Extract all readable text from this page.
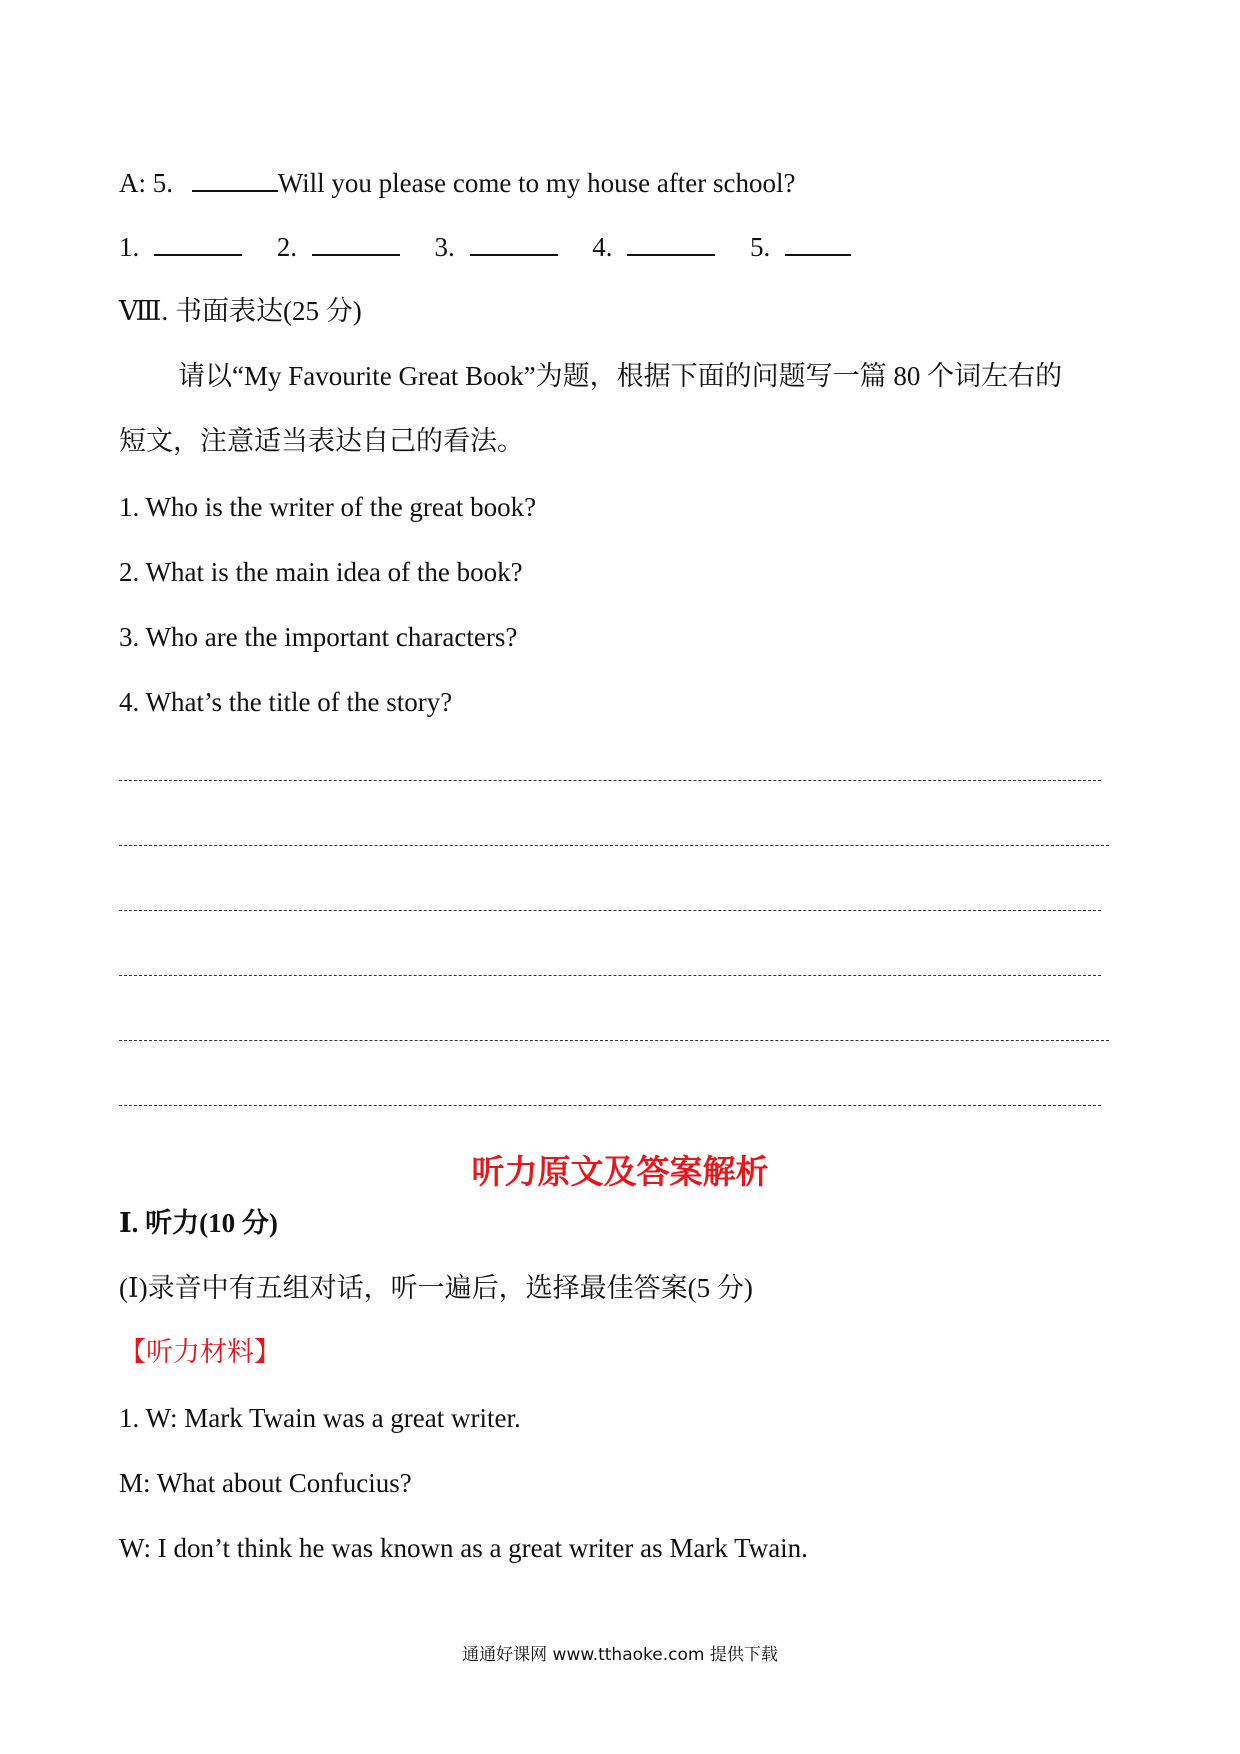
A: 5.	Will you please come to my house after school?
1.	2.	3.	4.	5.
Ⅷ. 书面表达(25 分)
请以“My Favourite Great Book”为题，根据下面的问题写一篇 80 个词左右的
短文，注意适当表达自己的看法。
1. Who is the writer of the great book?
2. What is the main idea of the book?
3. Who are the important characters?
4. What’s the title of the story?
听力原文及答案解析
Ⅰ. 听力(10 分)
(Ⅰ)录音中有五组对话，听一遍后，选择最佳答案(5 分)
【听力材料】
1. W: Mark Twain was a great writer.
M: What about Confucius?
W: I don’t think he was known as a great writer as Mark Twain.
通通好课网 www.tthaoke.com 提供下载
